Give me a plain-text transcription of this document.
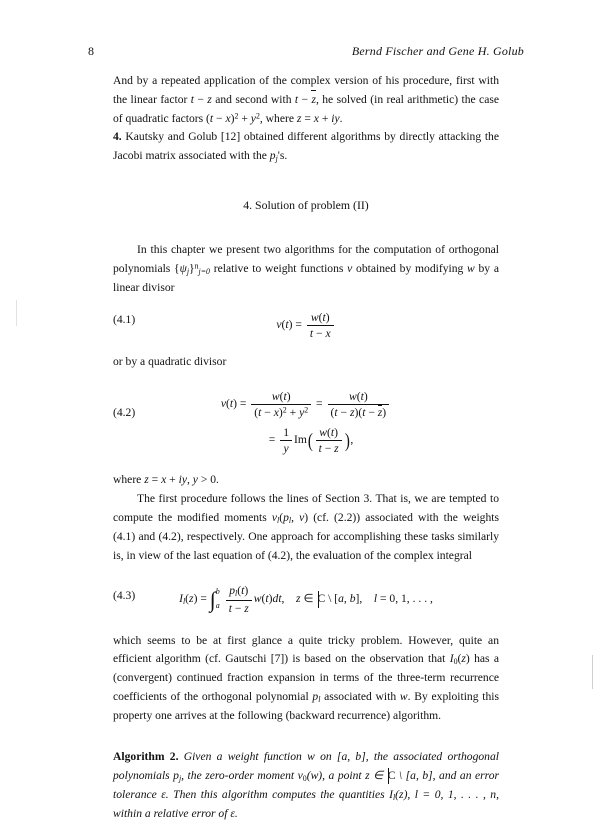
8	Bernd Fischer and Gene H. Golub

And by a repeated application of the complex version of his procedure, first with the linear factor t − z and second with t − z, he solved (in real arithmetic) the case of quadratic factors $(t - x)^2 + y^2$, where z = x + iy.

4. Kautsky and Golub [12] obtained different algorithms by directly attacking the Jacobi matrix associated with the $p_j's$.

4. Solution of problem (II)

In this chapter we present two algorithms for the computation of orthogonal polynomials $\{\psi_j\}^n_{j=0}$ relative to weight functions v obtained by modifying w by a linear divisor

(4.1)	$v(t) = \frac{w(t)}{t - x}$

or by a quadratic divisor

(4.2)
$v(t) = \frac{w(t)}{(t - x)^2 + y^2} = \frac{w(t)}{(t - z)(t - z)}$
= $\frac{1}{y} Im( \frac{w(t)}{t - z}$ ),

where z = x + iy, y > 0.

The first procedure follows the lines of Section 3. That is, we are tempted to compute the modified moments $\nu_l(p_l$, v) (cf. (2.2)) associated with the weights (4.1) and (4.2), respectively. One approach for accomplishing these tasks similarly is, in view of the last equation of (4.2), the evaluation of the complex integral

(4.3)	$I_l(z)$ = ∫ b
a
$\frac{p_l(t)}{t - z} w(t)dt$,    z ∈ C \ [a, b],    l = 0, 1, . . . ,

which seems to be at first glance a quite tricky problem. However, quite an efficient algorithm (cf. Gautschi [7]) is based on the observation that $I_0(z)$ has a (convergent) continued fraction expansion in terms of the three-term recurrence coefficients of the orthogonal polynomial $p_l$ associated with w. By exploiting this property one arrives at the following (backward recurrence) algorithm.

Algorithm 2. Given a weight function w on [a, b], the associated orthogonal polynomials $p_j$, the zero-order moment $\nu_0(w)$, a point z ∈ C \ [a, b], and an error tolerance ε. Then this algorithm computes the quantities $I_l(z)$, l = 0, 1, . . . , n, within a relative error of ε.
